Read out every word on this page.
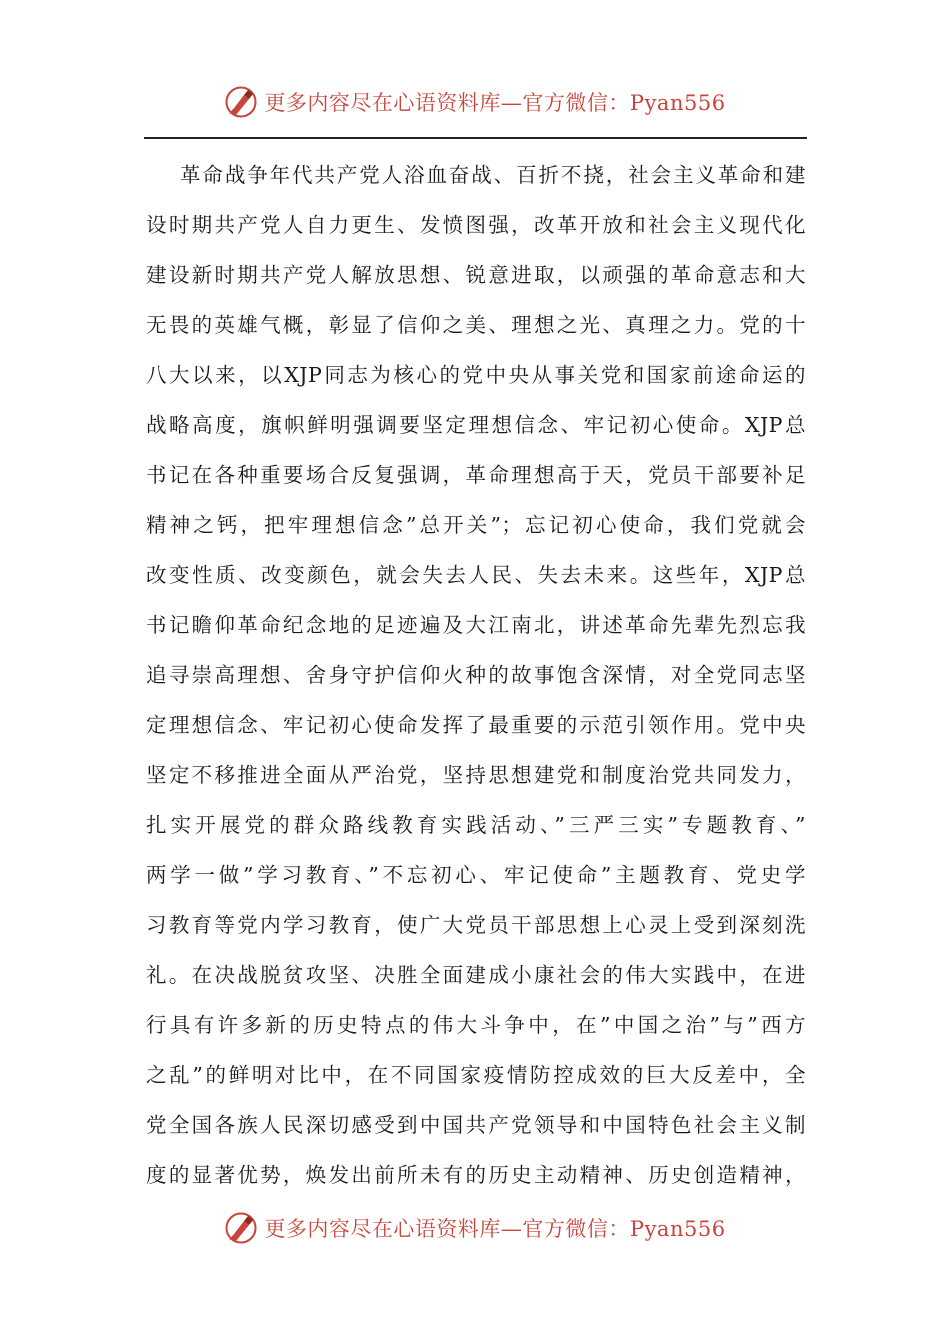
更多内容尽在心语资料库—官方微信：Pyan556
革命战争年代共产党人浴血奋战、百折不挠，社会主义革命和建
设时期共产党人自力更生、发愤图强，改革开放和社会主义现代化
建设新时期共产党人解放思想、锐意进取，以顽强的革命意志和大
无畏的英雄气概，彰显了信仰之美、理想之光、真理之力。党的十
八大以来，以XJP同志为核心的党中央从事关党和国家前途命运的
战略高度，旗帜鲜明强调要坚定理想信念、牢记初心使命。XJP总
书记在各种重要场合反复强调，革命理想高于天，党员干部要补足
精神之钙，把牢理想信念”总开关”；忘记初心使命，我们党就会
改变性质、改变颜色，就会失去人民、失去未来。这些年，XJP总
书记瞻仰革命纪念地的足迹遍及大江南北，讲述革命先辈先烈忘我
追寻崇高理想、舍身守护信仰火种的故事饱含深情，对全党同志坚
定理想信念、牢记初心使命发挥了最重要的示范引领作用。党中央
坚定不移推进全面从严治党，坚持思想建党和制度治党共同发力，
扎实开展党的群众路线教育实践活动、”三严三实”专题教育、”
两学一做”学习教育、”不忘初心、牢记使命”主题教育、党史学
习教育等党内学习教育，使广大党员干部思想上心灵上受到深刻洗
礼。在决战脱贫攻坚、决胜全面建成小康社会的伟大实践中，在进
行具有许多新的历史特点的伟大斗争中，在”中国之治”与”西方
之乱”的鲜明对比中，在不同国家疫情防控成效的巨大反差中，全
党全国各族人民深切感受到中国共产党领导和中国特色社会主义制
度的显著优势，焕发出前所未有的历史主动精神、历史创造精神，
更多内容尽在心语资料库—官方微信：Pyan556
